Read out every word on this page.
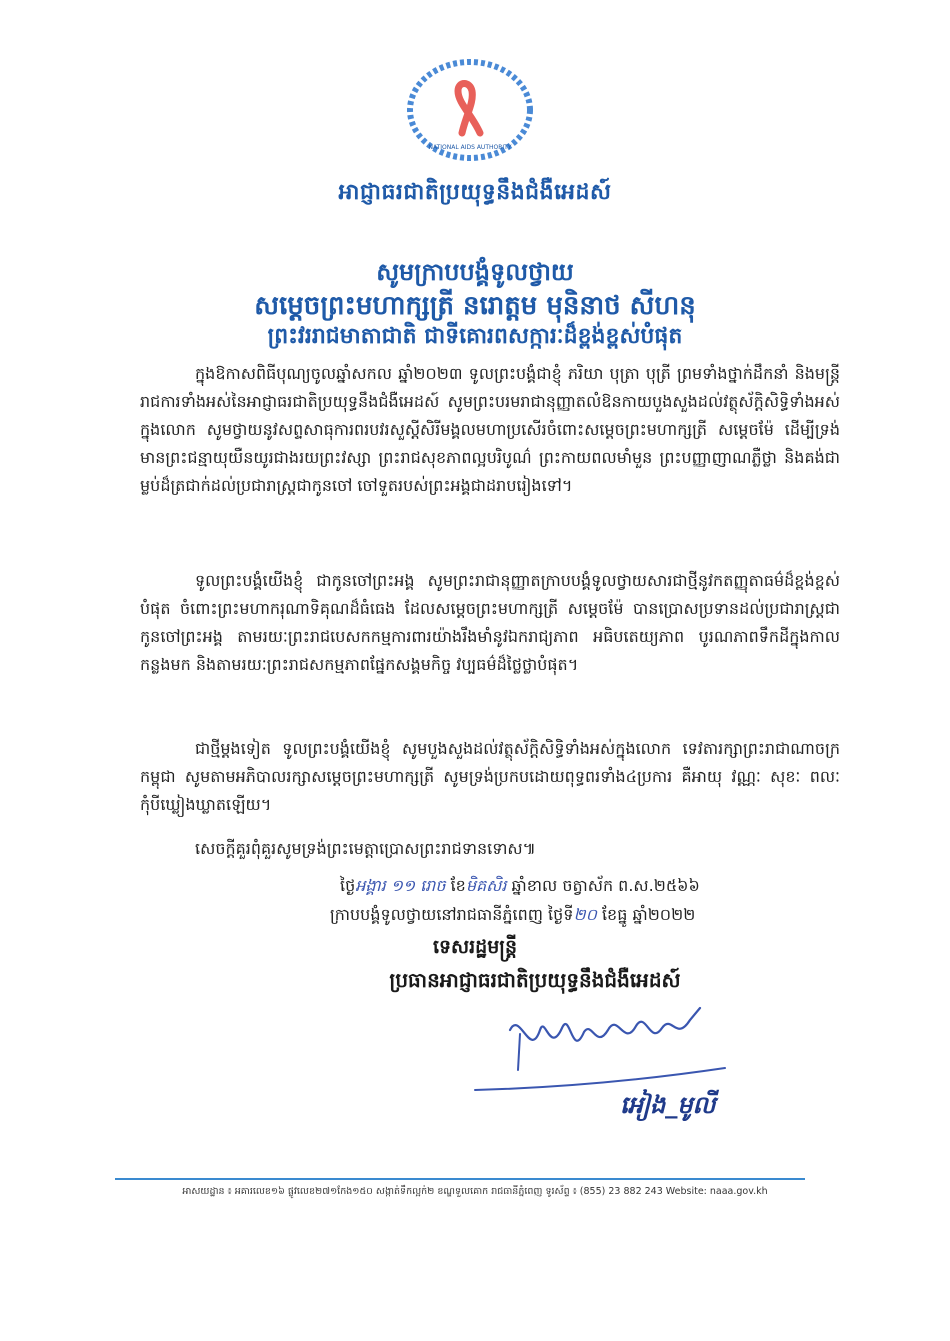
NATIONAL AIDS AUTHORITY
អាជ្ញាធរជាតិប្រយុទ្ធនឹងជំងឺអេដស៍
សូមក្រាបបង្គំទូលថ្វាយ
សម្តេចព្រះមហាក្សត្រី នរោត្តម មុនិនាថ សីហនុ
ព្រះវររាជមាតាជាតិ ជាទីគោរពសក្ការៈដ៏ខ្ពង់ខ្ពស់បំផុត
ក្នុងឱកាសពិធីបុណ្យចូលឆ្នាំសកល ឆ្នាំ២០២៣ ទូលព្រះបង្គំជាខ្ញុំ ភរិយា បុត្រា បុត្រី ព្រមទាំងថ្នាក់ដឹកនាំ និងមន្ត្រីរាជការទាំងអស់នៃអាជ្ញាធរជាតិប្រយុទ្ធនឹងជំងឺអេដស៍ សូមព្រះបរមរាជានុញ្ញាតលំឱនកាយបួងសួងដល់វត្ថុស័ក្តិសិទ្ធិទាំងអស់ក្នុងលោក សូមថ្វាយនូវសព្ទសាធុការពរបវរសួស្តីសិរីមង្គលមហាប្រសើរចំពោះសម្តេចព្រះមហាក្សត្រី សម្តេចម៉ែ ដើម្បីទ្រង់មានព្រះជន្មាយុយឺនយូរជាងរយព្រះវស្សា ព្រះរាជសុខភាពល្អបរិបូណ៌ ព្រះកាយពលមាំមួន ព្រះបញ្ញាញាណភ្លឺថ្លា និងគង់ជាម្លប់ដ៏ត្រជាក់ដល់ប្រជារាស្ត្រជាកូនចៅ ចៅទួតរបស់ព្រះអង្គជាដរាបរៀងទៅ។
ទូលព្រះបង្គំយើងខ្ញុំ ជាកូនចៅព្រះអង្គ សូមព្រះរាជានុញ្ញាតក្រាបបង្គំទូលថ្វាយសារជាថ្មីនូវកតញ្ញុតាធម៌ដ៏ខ្ពង់ខ្ពស់បំផុត ចំពោះព្រះមហាករុណាទិគុណដ៏ធំធេង ដែលសម្តេចព្រះមហាក្សត្រី សម្តេចម៉ែ បានប្រោសប្រទានដល់ប្រជារាស្ត្រជាកូនចៅព្រះអង្គ តាមរយៈព្រះរាជបេសកកម្មការពារយ៉ាងរឹងមាំនូវឯករាជ្យភាព អធិបតេយ្យភាព បូរណភាពទឹកដីក្នុងកាលកន្លងមក និងតាមរយៈព្រះរាជសកម្មភាពផ្នែកសង្គមកិច្ច វប្បធម៌ដ៏ថ្លៃថ្លាបំផុត។
ជាថ្មីម្តងទៀត ទូលព្រះបង្គំយើងខ្ញុំ សូមបួងសួងដល់វត្ថុស័ក្តិសិទ្ធិទាំងអស់ក្នុងលោក ទេវតារក្សាព្រះរាជាណាចក្រកម្ពុជា សូមតាមអភិបាលរក្សាសម្តេចព្រះមហាក្សត្រី សូមទ្រង់ប្រកបដោយពុទ្ធពរទាំង៤ប្រការ គឺអាយុ វណ្ណៈ សុខៈ ពលៈ កុំបីឃ្លៀងឃ្លាតឡើយ។
សេចក្តីគួរពុំគួរសូមទ្រង់ព្រះមេត្តាប្រោសព្រះរាជទានទោស៕
ថ្ងៃអង្គារ ១១ រោច ខែមិគសិរ ឆ្នាំខាល ចត្វាស័ក ព.ស.២៥៦៦
ក្រាបបង្គំទូលថ្វាយនៅរាជធានីភ្នំពេញ ថ្ងៃទី២០ ខែធ្នូ ឆ្នាំ២០២២
ទេសរដ្ឋមន្ត្រី
ប្រធានអាជ្ញាធរជាតិប្រយុទ្ធនឹងជំងឺអេដស៍
អៀង_មូលី
អាសយដ្ឋាន ៖ អគារលេខ១៦ ផ្លូវលេខ២៧១កែង១៥០ សង្កាត់ទឹកល្អក់២ ខណ្ឌទួលគោក រាជធានីភ្នំពេញ ទូរស័ព្ទ ៖ (855) 23 882 243 Website: naaa.gov.kh
